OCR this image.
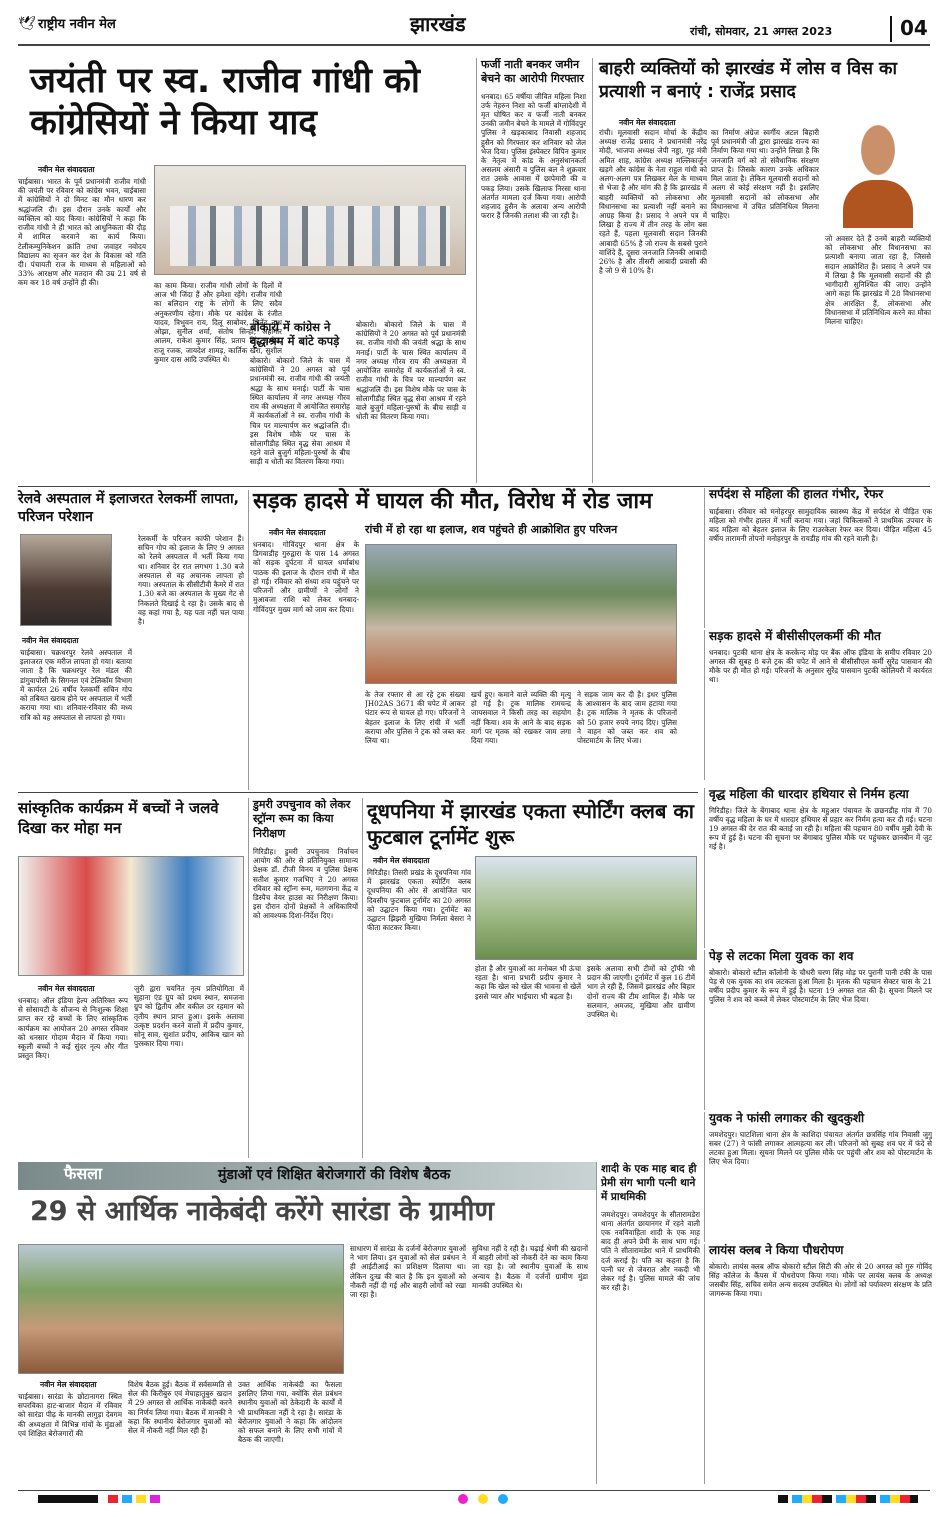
🕊 राष्ट्रीय नवीन मेल	झारखंड	रांची, सोमवार, 21 अगस्त 2023	04
जयंती पर स्व. राजीव गांधी को कांग्रेसियों ने किया याद
नवीन मेल संवाददाता
चाईबासा। भारत के पूर्व प्रधानमंत्री राजीव गांधी की जयंती पर रविवार को कांग्रेस भवन, चाईबासा में कांग्रेसियों ने दो मिनट का मौन धारण कर श्रद्धांजलि दी। इस दौरान उनके कार्यों और व्यक्तित्व को याद किया। कांग्रेसियों ने कहा कि राजीव गांधी ने ही भारत को आधुनिकता की दौड़ में शामिल करवाने का कार्य किया। टेलीकम्युनिकेशन क्रांति तथा जवाहर नवोदय विद्यालय का सृजन कर देश के विकास को गति दी। पंचायती राज के माध्यम से महिलाओं को 33% आरक्षण और मतदान की उम्र 21 वर्ष से कम कर 18 वर्ष उन्होंने ही की।	का काम किया। राजीव गांधी लोगों के दिलों में आज भी जिंदा हैं और हमेशा रहेंगे। राजीव गांधी का बलिदान राष्ट्र के लोगों के लिए सदैव अनुकरणीय रहेगा। मौके पर कांग्रेस के रंजीत यादव, त्रिभुवन राय, दिलू साबोवर, जितेंद्र नाथ ओझा, सुनील शर्मा, संतोष सिन्हा, जहांगीर आलम, राकेश कुमार सिंह, प्रताप सिंह सामेश, राजू रजक, जायदेश शामड़, कार्तिक खेरा, सुशील कुमार दास आदि उपस्थित थे।
फर्जी नाती बनकर जमीन बेचने का आरोपी गिरफ्तार
धनबाद। 65 वर्षीया जीवित महिला निशा उर्फ नेहरुन निशा को फर्जी बांग्लादेशी में मृत घोषित कर व फर्जी नाती बनकर उनकी जमीन बेचने के मामले में गोविंदपुर पुलिस ने खड़काबाद निवासी शहजाद हुसैन को गिरफ्तार कर शनिवार को जेल भेज दिया। पुलिस इंस्पेक्टर विपिन कुमार के नेतृत्व में कांड के अनुसंधानकर्ता असलम अंसारी व पुलिस बल ने शुक्रवार रात उसके आवास में छापेमारी की व पकड़ लिया। उसके खिलाफ निरसा थाना अंतर्गत मामला दर्ज किया गया। आरोपी शहजाद हुसैन के अलावा अन्य आरोपी फरार हैं जिनकी तलाश की जा रही है।
बाहरी व्यक्तियों को झारखंड में लोस व विस का प्रत्याशी न बनाएं : राजेंद्र प्रसाद
नवीन मेल संवाददाता
रांची। मूलवासी सदान मोर्चा के केंद्रीय अध्यक्ष राजेंद्र प्रसाद ने प्रधानमंत्री नरेंद्र मोदी, भाजपा अध्यक्ष जेपी नड्डा, गृह मंत्री अमित शाह, कांग्रेस अध्यक्ष मल्लिकार्जुन खड़गे और कांग्रेस के नेता राहुल गांधी को अलग-अलग पत्र लिखकर मेल के माध्यम से भेजा है और मांग की है कि झारखंड में बाहरी व्यक्तियों को लोकसभा और विधानसभा का प्रत्याशी नहीं बनाने का आग्रह किया है। प्रसाद ने अपने पत्र में लिखा है राज्य में तीन तरह के लोग बस रहते हैं, पहला मूलवासी सदान जिनकी आबादी 65% है जो राज्य के सबसे पुराने वाशिंदे हैं, दूसरा जनजाति जिनकी आबादी 26% है और तीसरी आबादी प्रवासी की है जो 9 से 10% है।
का निर्माण अंग्रेज स्वर्गीय अटल बिहारी पूर्व प्रधानमंत्री जी द्वारा झारखंड राज्य का निर्माण किया गया था। उन्होंने लिखा है कि जनजाति वर्ग को तो संवैधानिक संरक्षण प्राप्त है। जिसके कारण उनके अधिकार मिल जाता है। लेकिन मूलवासी सदानों को अलग से कोई संरक्षण नहीं है। इसलिए मूलवासी सदानों को लोकसभा और विधानसभा में उचित प्रतिनिधित्व मिलना चाहिए।
जो अवसर देते हैं उनमें बाहरी व्यक्तियों को लोकसभा और विधानसभा का प्रत्याशी बनाया जाता रहा है, जिससे सदान आक्रोशित हैं। प्रसाद ने अपने पत्र में लिखा है कि मूलवासी सदानों की ही भागीदारी सुनिश्चित की जाए। उन्होंने आगे कहा कि झारखंड में 28 विधानसभा क्षेत्र आरक्षित हैं, लोकसभा और विधानसभा में प्रतिनिधित्व करने का मौका मिलना चाहिए।
बोकारो में कांग्रेस ने वृद्धाश्रम में बांटे कपड़े
बोकारो। बोकारो जिले के चास में कांग्रेसियों ने 20 अगस्त को पूर्व प्रधानमंत्री स्व. राजीव गांधी की जयंती श्रद्धा के साथ मनाई। पार्टी के चास स्थित कार्यालय में नगर अध्यक्ष गौरव राय की अध्यक्षता में आयोजित समारोह में कार्यकर्ताओं ने स्व. राजीव गांधी के चित्र पर माल्यार्पण कर श्रद्धांजलि दी। इस विशेष मौके पर चास के सोलागीडीह स्थित वृद्ध सेवा आश्रम में रहने वाले बुजुर्ग महिला-पुरुषों के बीच साड़ी व धोती का वितरण किया गया।
बोकारो। बोकारो जिले के चास में कांग्रेसियों ने 20 अगस्त को पूर्व प्रधानमंत्री स्व. राजीव गांधी की जयंती श्रद्धा के साथ मनाई। पार्टी के चास स्थित कार्यालय में नगर अध्यक्ष गौरव राय की अध्यक्षता में आयोजित समारोह में कार्यकर्ताओं ने स्व. राजीव गांधी के चित्र पर माल्यार्पण कर श्रद्धांजलि दी। इस विशेष मौके पर चास के सोलागीडीह स्थित वृद्ध सेवा आश्रम में रहने वाले बुजुर्ग महिला-पुरुषों के बीच साड़ी व धोती का वितरण किया गया।
रेलवे अस्पताल में इलाजरत रेलकर्मी लापता, परिजन परेशान
नवीन मेल संवाददाता
चाईबासा। चक्रधरपुर रेलवे अस्पताल में इलाजरत एक मरीज लापता हो गया। बताया जाता है कि चक्रधरपुर रेल मंडल की डांगुवापोसी के सिगनल एवं टेलिकॉम विभाग में कार्यरत 26 वर्षीय रेलकर्मी सचिन गोप को तबियत खराब होने पर अस्पताल में भर्ती कराया गया था। शनिवार-रविवार की मध्य रात्रि को वह अस्पताल से लापता हो गया।
रेलकर्मी के परिजन काफी परेशान हैं। सचिन गोप को इलाज के लिए 9 अगस्त को रेलवे अस्पताल में भर्ती किया गया था। शनिवार देर रात लगभग 1.30 बजे अस्पताल से वह अचानक लापता हो गया। अस्पताल के सीसीटीवी कैमरे में रात 1.30 बजे का अस्पताल के मुख्य गेट से निकलते दिखाई दे रहा है। उसके बाद से वह कहां गया है, यह पता नहीं चल पाया है।
सड़क हादसे में घायल की मौत, विरोध में रोड जाम
नवीन मेल संवाददाता
धनबाद। गोविंदपुर थाना क्षेत्र के डिगवाडीह गुरुद्वारा के पास 14 अगस्त को सड़क दुर्घटना में घायल धर्माबांध पाठक की इलाज के दौरान रांची में मौत हो गई। रविवार को संध्या शव पहुंचने पर परिजनों और ग्रामीणों ने लोगों ने मुआवजा राशि को लेकर धनबाद-गोविंदपुर मुख्य मार्ग को जाम कर दिया।
रांची में हो रहा था इलाज, शव पहुंचते ही आक्रोशित हुए परिजन
के तेज रफ्तार से आ रहे ट्रक संख्या JH02AS 3671 की चपेट में आकर घंटार रूप से घायल हो गए। परिजनों ने बेहतर इलाज के लिए रांची में भर्ती कराया और पुलिस ने ट्रक को जब्त कर लिया था।
खर्च हुए। कमाने वाले व्यक्ति की मृत्यु हो गई है। ट्रक मालिक रामचन्द्र जायसवाल ने किसी तरह का सहयोग नहीं किया। शव के आने के बाद सड़क मार्ग पर मृतक को रखकर जाम लगा दिया गया।
ने सड़क जाम कर दी है। इधर पुलिस के आश्वासन के बाद जाम हटाया गया है। ट्रक मालिक ने मृतक के परिजनों को 50 हजार रुपये नगद दिए। पुलिस ने वाहन को जब्त कर शव को पोस्टमार्टम के लिए भेजा।
सर्पदंश से महिला की हालत गंभीर, रेफर
चाईबासा। रविवार को मनोहरपुर सामुदायिक स्वास्थ्य केंद्र में सर्पदंश से पीड़ित एक महिला को गंभीर हालत में भर्ती कराया गया। जहां चिकित्सकों ने प्राथमिक उपचार के बाद महिला को बेहतर इलाज के लिए राउरकेला रेफर कर दिया। पीड़ित महिला 45 वर्षीय तारामनी तोपनो मनोहरपुर के रायडीह गांव की रहने वाली है।
सड़क हादसे में बीसीसीएलकर्मी की मौत
धनबाद। पुटकी थाना क्षेत्र के करकेन्द मोड़ पर बैंक ऑफ इंडिया के समीप रविवार 20 अगस्त की सुबह 8 बजे ट्रक की चपेट में आने से बीसीसीएल कर्मी सुरेंद्र पासवान की मौके पर ही मौत हो गई। परिजनों के अनुसार सुरेंद्र पासवान पुटकी कोलियरी में कार्यरत था।
वृद्ध महिला की धारदार हथियार से निर्मम हत्या
गिरिडीह। जिले के बेंगाबाद थाना क्षेत्र के महुआर पंचायत के छछनडीह गांव में 70 वर्षीय वृद्ध महिला के घर में धारदार हथियार से प्रहार कर निर्मम हत्या कर दी गई। घटना 19 अगस्त की देर रात की बताई जा रही है। महिला की पहचान 80 वर्षीय मुन्नी देवी के रूप में हुई है। घटना की सूचना पर बेंगाबाद पुलिस मौके पर पहुंचकर छानबीन में जुट गई है।
सांस्कृतिक कार्यक्रम में बच्चों ने जलवे दिखा कर मोहा मन
नवीन मेल संवाददाता
धनबाद। ऑल इंडिया हेल्प अतिरिक्त रूप से सोसायटी के सौजन्य से निःशुल्क शिक्षा प्राप्त कर रहे बच्चों के लिए सांस्कृतिक कार्यक्रम का आयोजन 20 अगस्त रविवार को धनसार गोदाम मैदान में किया गया। स्कूली बच्चों ने कई सुंदर नृत्य और गीत प्रस्तुत किए।
जुरी द्वारा चयनित नृत्य प्रतियोगिता में सुहाना एंड ग्रुप को प्रथम स्थान, समजना ग्रुप को द्वितीय और वकील उर रहमान को तृतीय स्थान प्राप्त हुआ। इसके अलावा उत्कृष्ट प्रदर्शन करने वालों में प्रदीप कुमार, सोनू साव, सुशांत प्रदीप, आकिब खान को पुरस्कार दिया गया।
डुमरी उपचुनाव को लेकर स्ट्रॉन्ग रूम का किया निरीक्षण
गिरिडीह। डुमरी उपचुनाव निर्वाचन आयोग की ओर से प्रतिनियुक्त सामान्य प्रेक्षक डॉ. टीजी विनय व पुलिस प्रेक्षक सतीश कुमार गजभिए ने 20 अगस्त रविवार को स्ट्रॉन्ग रूम, मतगणना केंद्र व डिस्पैच वेयर हाउस का निरीक्षण किया। इस दौरान दोनों प्रेक्षकों ने अधिकारियों को आवश्यक दिशा-निर्देश दिए।
दूधपनिया में झारखंड एकता स्पोर्टिंग क्लब का फुटबाल टूर्नामेंट शुरू
नवीन मेल संवाददाता
गिरिडीह। तिसरी प्रखंड के दूधपनिया गांव में झारखंड एकता स्पोर्टिंग क्लब दूधपनिया की ओर से आयोजित चार दिवसीय फुटबाल टूर्नामेंट का 20 अगस्त को उद्घाटन किया गया। टूर्नामेंट का उद्घाटन झिझरी मुखिया निर्मला बेसरा ने फीता काटकर किया।
होता है और युवाओं का मनोबल भी ऊंचा रहता है। थाना प्रभारी प्रदीप कुमार ने कहा कि खेल को खेल की भावना से खेलें इससे प्यार और भाईचारा भी बढ़ता है।
इसके अलावा सभी टीमों को ट्रॉफी भी प्रदान की जाएगी। टूर्नामेंट में कुल 16 टीमें भाग ले रही हैं, जिसमें झारखंड और बिहार दोनों राज्य की टीम शामिल हैं। मौके पर सलमान, अमजद, मुखिया और ग्रामीण उपस्थित थे।
पेड़ से लटका मिला युवक का शव
बोकारो। बोकारो स्टील कॉलोनी के चौधरी चरण सिंह मोड़ पर पुरानी पानी टंकी के पास पेड़ से एक युवक का शव लटकता हुआ मिला है। मृतक की पहचान सेक्टर चास के 21 वर्षीय प्रदीप कुमार के रूप में हुई है। घटना 19 अगस्त रात की है। सूचना मिलने पर पुलिस ने शव को कब्जे में लेकर पोस्टमार्टम के लिए भेज दिया।
युवक ने फांसी लगाकर की खुदकुशी
जमशेदपुर। घाटशिला थाना क्षेत्र के काशिदा पंचायत अंतर्गत छत्रसिंह गांव निवासी जुगु सबर (27) ने फांसी लगाकर आत्महत्या कर ली। परिजनों को सुबह शव घर में फंदे से लटका हुआ मिला। सूचना मिलने पर पुलिस मौके पर पहुंची और शव को पोस्टमार्टम के लिए भेज दिया।
लायंस क्लब ने किया पौधरोपण
बोकारो। लायंस क्लब ऑफ बोकारो स्टील सिटी की ओर से 20 अगस्त को गुरु गोविंद सिंह कॉलेज के कैंपस में पौधरोपण किया गया। मौके पर लायंस क्लब के अध्यक्ष जसबीर सिंह, सचिव समेत अन्य सदस्य उपस्थित थे। लोगों को पर्यावरण संरक्षण के प्रति जागरूक किया गया।
फैसला	मुंडाओं एवं शिक्षित बेरोजगारों की विशेष बैठक
29 से आर्थिक नाकेबंदी करेंगे सारंडा के ग्रामीण
नवीन मेल संवाददाता
चाईबासा। सारंडा के छोटानागरा स्थित सपरविका हाट-बाजार मैदान में रविवार को सारंडा पीढ़ के मानकी लागुड़ा देवगम की अध्यक्षता में विभिन्न गांवों के मुंडाओं एवं शिक्षित बेरोजगारों की
विशेष बैठक हुई। बैठक में सर्वसम्मति से सेल की किरीबुरु एवं मेघाहातुबुरु खदान में 29 अगस्त से आर्थिक नाकेबंदी करने का निर्णय लिया गया। बैठक में मानकी ने कहा कि स्थानीय बेरोजगार युवाओं को सेल में नौकरी नहीं मिल रही है।
उक्त आर्थिक नाकेबंदी का फैसला इसलिए लिया गया, क्योंकि सेल प्रबंधन स्थानीय युवाओं को ठेकेदारी के कार्यों में भी प्राथमिकता नहीं दे रहा है। सारंडा के बेरोजगार युवाओं ने कहा कि आंदोलन को सफल बनाने के लिए सभी गांवों में बैठक की जाएगी।
साधारण में सारंडा के दर्जनों बेरोजगार युवाओं ने भाग लिया। इन युवाओं को सेल प्रबंधन ने ही आईटीआई का प्रशिक्षण दिलाया था। लेकिन दुःख की बात है कि इन युवाओं को नौकरी नहीं दी गई और बाहरी लोगों को रखा जा रहा है।
सुविधा नहीं दे रही है। चढ़ाई श्रेणी की खदानों में बाहरी लोगों को नौकरी देने का काम किया जा रहा है। जो स्थानीय युवाओं के साथ अन्याय है। बैठक में दर्जनों ग्रामीण मुंडा मानकी उपस्थित थे।
शादी के एक माह बाद ही प्रेमी संग भागी पत्नी थाने में प्राथमिकी
जमशेदपुर। जमशेदपुर के सीतारामडेरा थाना अंतर्गत छायानगर में रहने वाली एक नवविवाहिता शादी के एक माह बाद ही अपने प्रेमी के साथ भाग गई। पति ने सीतारामडेरा थाने में प्राथमिकी दर्ज कराई है। पति का कहना है कि पत्नी घर से जेवरात और नकदी भी लेकर गई है। पुलिस मामले की जांच कर रही है।
